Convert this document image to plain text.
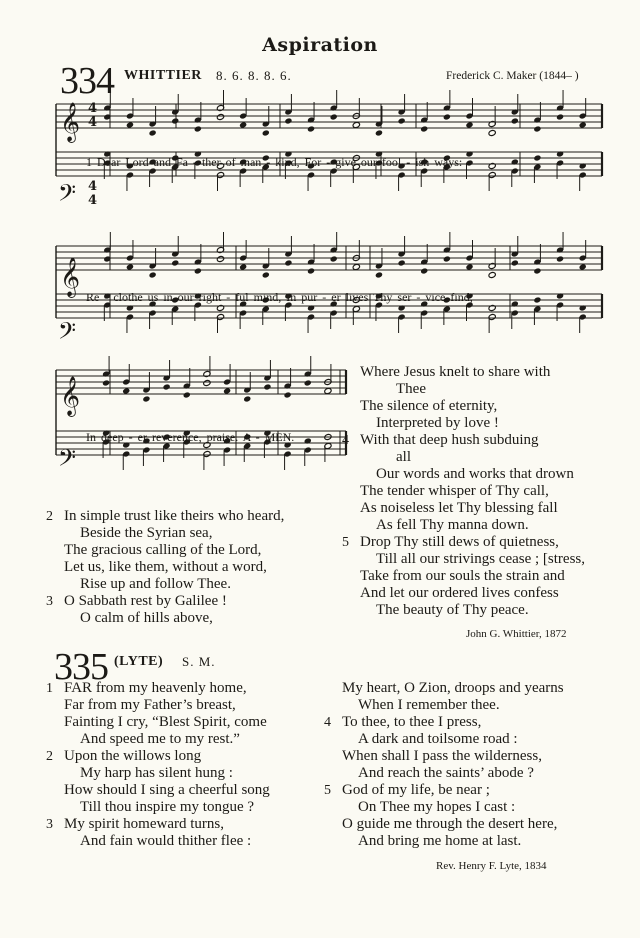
Aspiration
334 WHITTIER 8. 6. 8. 8. 6.	Frederick C. Maker (1844– )
𝄞
𝄢
𝄞
𝄢
𝄞
𝄢
4
4
4
4
1 Dear Lord and Fa - ther of man - kind, For - give our fool - ish ways:
Re - clothe us in our right - ful mind, In pur - er lives Thy ser - vice find,
In deep - er reverence, praise. A - MEN.
2 In simple trust like theirs who heard,
Beside the Syrian sea,
The gracious calling of the Lord,
Let us, like them, without a word,
Rise up and follow Thee.
3 O Sabbath rest by Galilee !
O calm of hills above,
Where Jesus knelt to share with
Thee
The silence of eternity,
Interpreted by love !
4 With that deep hush subduing
all
Our words and works that drown
The tender whisper of Thy call,
As noiseless let Thy blessing fall
As fell Thy manna down.
5 Drop Thy still dews of quietness,
Till all our strivings cease ; [stress,
Take from our souls the strain and
And let our ordered lives confess
The beauty of Thy peace.
John G. Whittier, 1872
335 (LYTE) S. M.
1 FAR from my heavenly home,
Far from my Father’s breast,
Fainting I cry, “Blest Spirit, come
And speed me to my rest.”
2 Upon the willows long
My harp has silent hung :
How should I sing a cheerful song
Till thou inspire my tongue ?
3 My spirit homeward turns,
And fain would thither flee :
My heart, O Zion, droops and yearns
When I remember thee.
4 To thee, to thee I press,
A dark and toilsome road :
When shall I pass the wilderness,
And reach the saints’ abode ?
5 God of my life, be near ;
On Thee my hopes I cast :
O guide me through the desert here,
And bring me home at last.
Rev. Henry F. Lyte, 1834
